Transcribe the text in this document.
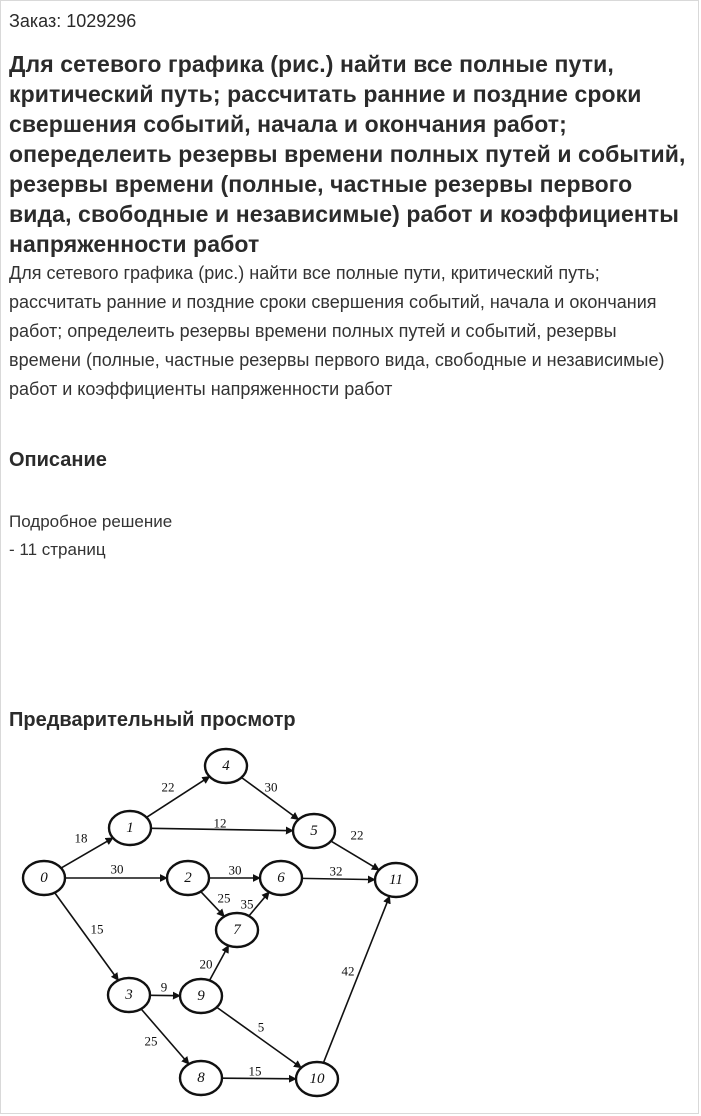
Заказ: 1029296
Для сетевого графика (рис.) найти все полные пути, критический путь; рассчитать ранние и поздние сроки свершения событий, начала и окончания работ; опеределеить резервы времени полных путей и событий, резервы времени (полные, частные резервы первого вида, свободные и независимые) работ и коэффициенты напряженности работ

Для сетевого графика (рис.) найти все полные пути, критический путь; рассчитать ранние и поздние сроки свершения событий, начала и окончания работ; определеить резервы времени полных путей и событий, резервы времени (полные, частные резервы первого вида, свободные и независимые) работ и коэффициенты напряженности работ

Описание
Подробное решение
- 11 страниц
Предварительный просмотр
18
30
15
22
12
30
22
30
25 35
32
9
25
20
5
15
42
0
1
2
3
4
5
6
7
8
9
10
11
